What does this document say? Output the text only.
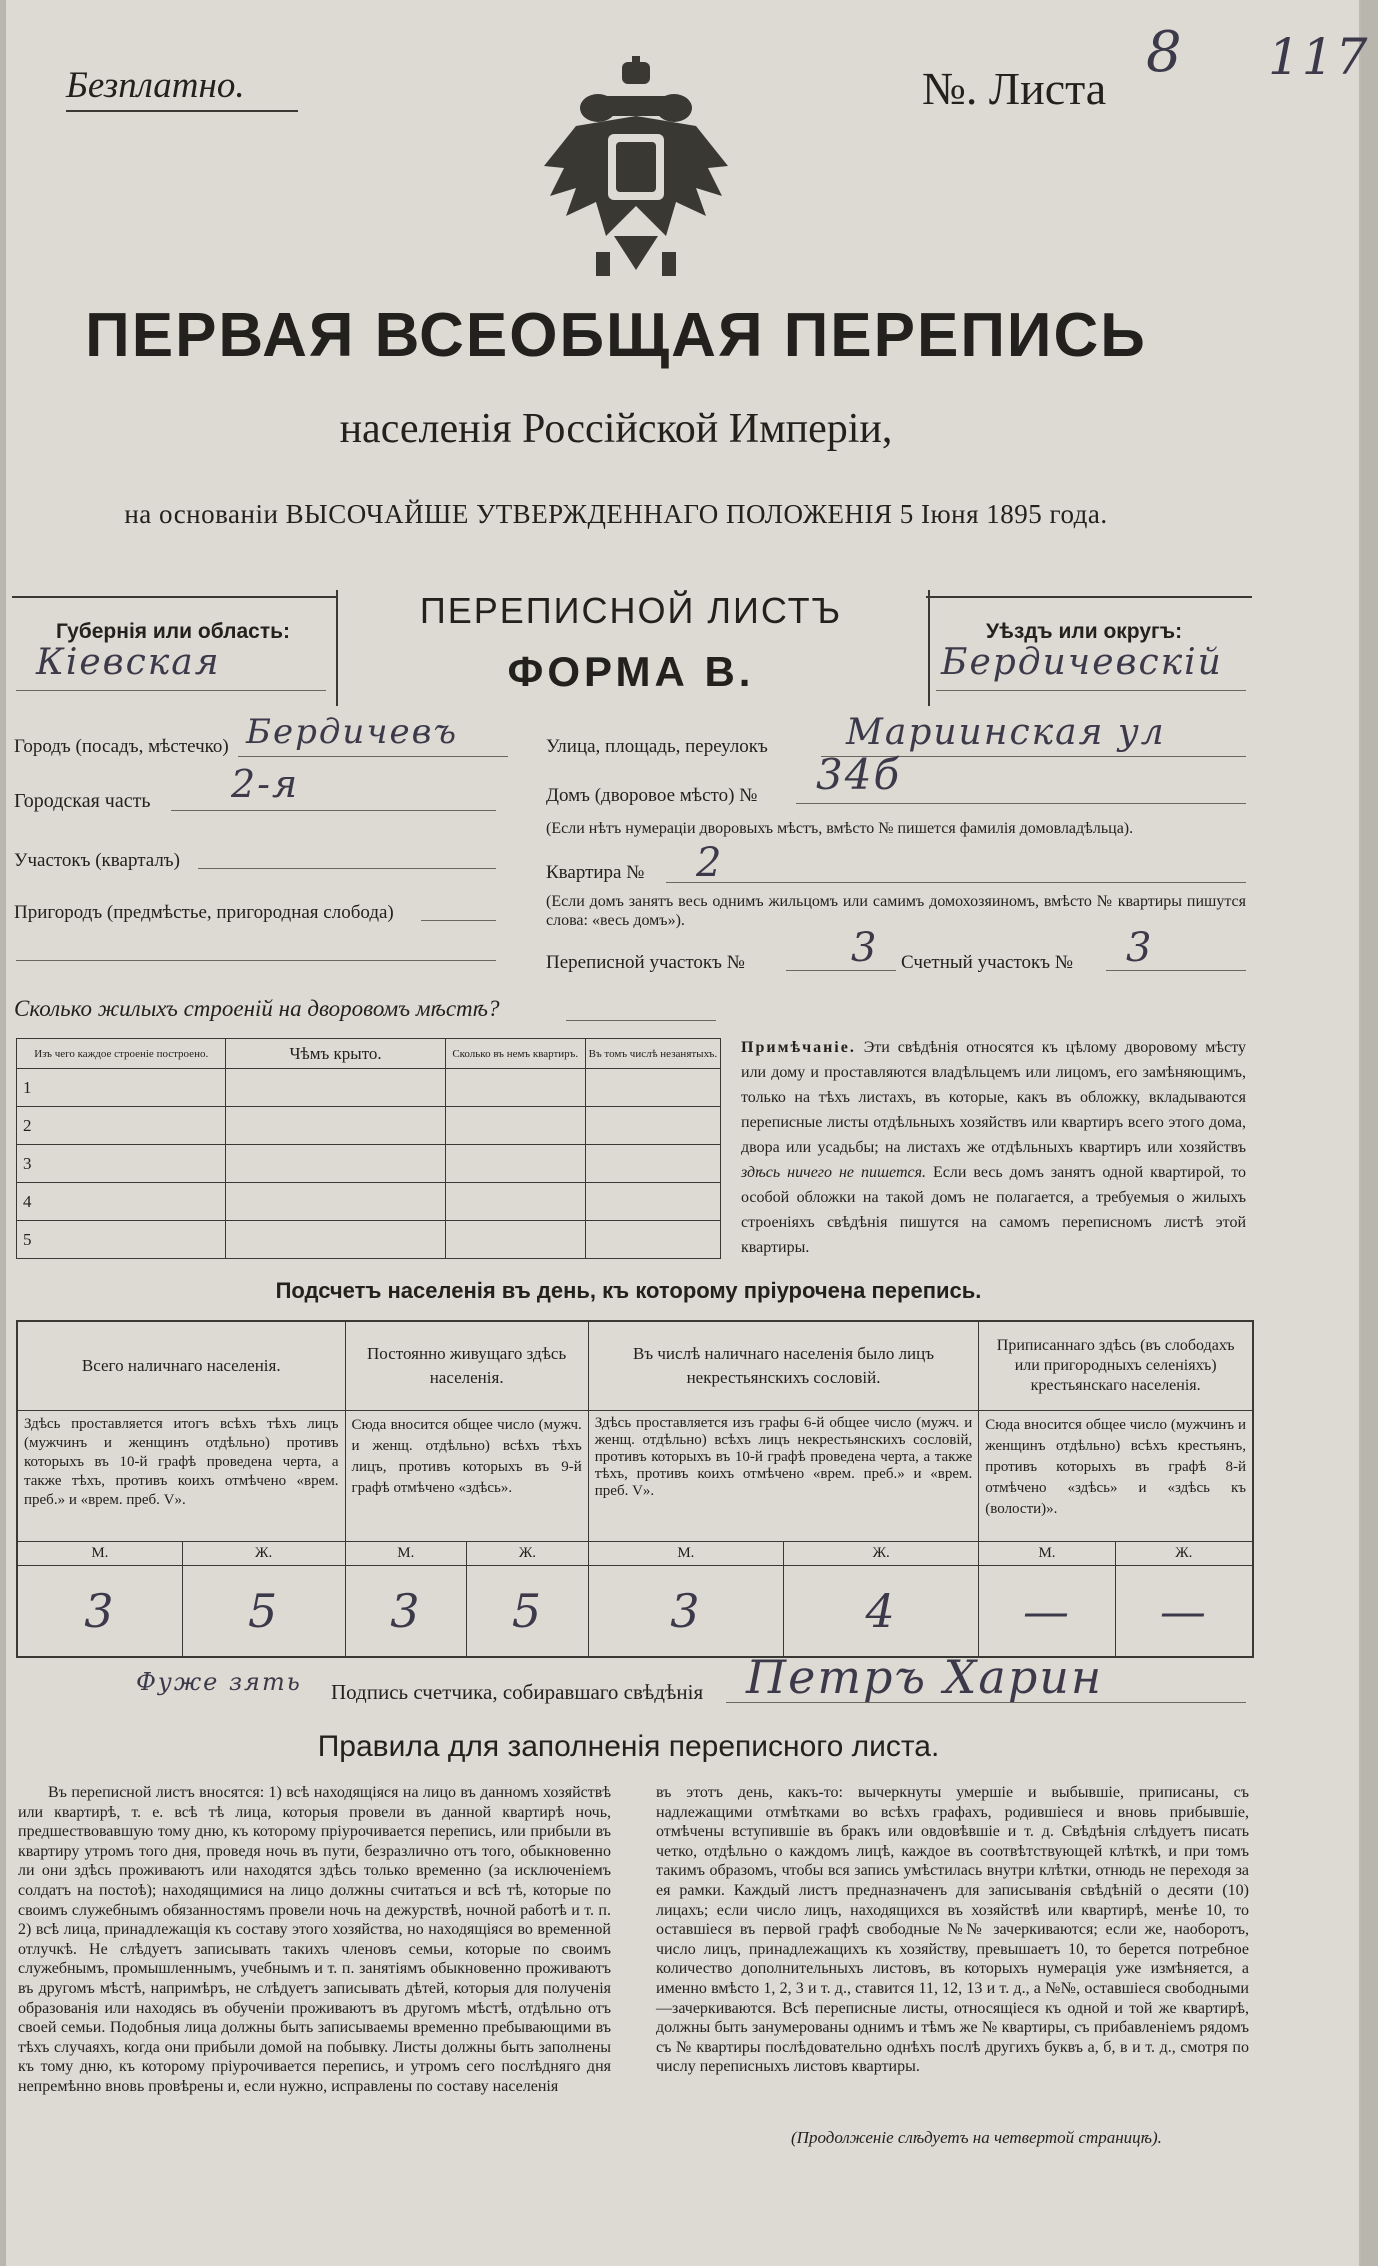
Безплатно.	№. Листа
8 117
ПЕРВАЯ ВСЕОБЩАЯ ПЕРЕПИСЬ
населенія Россійской Имперіи,
на основаніи ВЫСОЧАЙШЕ УТВЕРЖДЕННАГО ПОЛОЖЕНІЯ 5 Іюня 1895 года.
ПЕРЕПИСНОЙ ЛИСТЪ
ФОРМА В.
Губернія или область:
Кіевская
Уѣздъ или округъ:
Бердичевскій
Городъ (посадъ, мѣстечко) Бердичевъ
Городская часть 2-я
Участокъ (кварталъ)
Пригородъ (предмѣстье, пригородная слобода)
Улица, площадь, переулокъ Мариинская ул
Домъ (дворовое мѣсто) № 34б
(Если нѣтъ нумераціи дворовыхъ мѣстъ, вмѣсто № пишется фамилія домовладѣльца).
Квартира № 2
(Если домъ занятъ весь однимъ жильцомъ или самимъ домохозяиномъ, вмѣсто № квартиры пишутся слова: «весь домъ»).
Переписной участокъ №	3 Счетный участокъ № 3
Сколько жилыхъ строеній на дворовомъ мѣстѣ?
Изъ чего каждое строеніе построено.	Чѣмъ крыто.	Сколько въ немъ квартиръ.	Въ томъ числѣ незанятыхъ.
1			
2			
3			
4			
5			
Примѣчаніе. Эти свѣдѣнія относятся къ цѣлому дворовому мѣсту или дому и проставляются владѣльцемъ или лицомъ, его замѣняющимъ, только на тѣхъ листахъ, въ которые, какъ въ обложку, вкладываются переписные листы отдѣльныхъ хозяйствъ или квартиръ всего этого дома, двора или усадьбы; на листахъ же отдѣльныхъ квартиръ или хозяйствъ здѣсь ничего не пишется. Если весь домъ занятъ одной квартирой, то особой обложки на такой домъ не полагается, а требуемыя о жилыхъ строеніяхъ свѣдѣнія пишутся на самомъ переписномъ листѣ этой квартиры.
Подсчетъ населенія въ день, къ которому пріурочена перепись.
Всего наличнаго населенія.		Постоянно живущаго здѣсь населенія.		Въ числѣ наличнаго населенія было лицъ некрестьянскихъ сословій.		Приписаннаго здѣсь (въ слободахъ или пригородныхъ селеніяхъ) крестьянскаго населенія.	
Здѣсь проставляется итогъ всѣхъ тѣхъ лицъ (мужчинъ и женщинъ отдѣльно) противъ которыхъ въ 10-й графѣ проведена черта, а также тѣхъ, противъ коихъ отмѣчено «врем. преб.» и «врем. преб. V».		Сюда вносится общее число (мужч. и женщ. отдѣльно) всѣхъ тѣхъ лицъ, противъ которыхъ въ 9-й графѣ отмѣчено «здѣсь».		Здѣсь проставляется изъ графы 6-й общее число (мужч. и женщ. отдѣльно) всѣхъ лицъ некрестьянскихъ сословій, противъ которыхъ въ 10-й графѣ проведена черта, а также тѣхъ, противъ коихъ отмѣчено «врем. преб.» и «врем. преб. V».		Сюда вносится общее число (мужчинъ и женщинъ отдѣльно) всѣхъ крестьянъ, противъ которыхъ въ графѣ 8-й отмѣчено «здѣсь» и «здѣсь къ (волости)».	
М.	Ж.	М.	Ж.	М.	Ж.	М.	Ж.
3	5	3	5	3	4	—	—
Фуже зять Подпись счетчика, собиравшаго свѣдѣнія Петръ Харин
Правила для заполненія переписного листа.

Въ переписной листъ вносятся: 1) всѣ находящіяся на лицо въ данномъ хозяйствѣ или квартирѣ, т. е. всѣ тѣ лица, которыя провели въ данной квартирѣ ночь, предшествовавшую тому дню, къ которому пріурочивается перепись, или прибыли въ квартиру утромъ того дня, проведя ночь въ пути, безразлично отъ того, обыкновенно ли они здѣсь проживаютъ или находятся здѣсь только временно (за исключеніемъ солдатъ на постоѣ); находящимися на лицо должны считаться и всѣ тѣ, которые по своимъ служебнымъ обязанностямъ провели ночь на дежурствѣ, ночной работѣ и т. п. 2) всѣ лица, принадлежащія къ составу этого хозяйства, но находящіяся во временной отлучкѣ. Не слѣдуетъ записывать такихъ членовъ семьи, которые по своимъ служебнымъ, промышленнымъ, учебнымъ и т. п. занятіямъ обыкновенно проживаютъ въ другомъ мѣстѣ, напримѣръ, не слѣдуетъ записывать дѣтей, которыя для полученія образованія или находясь въ обученіи проживаютъ въ другомъ мѣстѣ, отдѣльно отъ своей семьи. Подобныя лица должны быть записываемы временно пребывающими въ тѣхъ случаяхъ, когда они прибыли домой на побывку. Листы должны быть заполнены къ тому дню, къ которому пріурочивается перепись, и утромъ сего послѣдняго дня непремѣнно вновь провѣрены и, если нужно, исправлены по составу населенія

въ этотъ день, какъ-то: вычеркнуты умершіе и выбывшіе, приписаны, съ надлежащими отмѣтками во всѣхъ графахъ, родившіеся и вновь прибывшіе, отмѣчены вступившіе въ бракъ или овдовѣвшіе и т. д. Свѣдѣнія слѣдуетъ писать четко, отдѣльно о каждомъ лицѣ, каждое въ соотвѣтствующей клѣткѣ, и при томъ такимъ образомъ, чтобы вся запись умѣстилась внутри клѣтки, отнюдь не переходя за ея рамки. Каждый листъ предназначенъ для записыванія свѣдѣній о десяти (10) лицахъ; если число лицъ, находящихся въ хозяйствѣ или квартирѣ, менѣе 10, то оставшіеся въ первой графѣ свободные №№ зачеркиваются; если же, наоборотъ, число лицъ, принадлежащихъ къ хозяйству, превышаетъ 10, то берется потребное количество дополнительныхъ листовъ, въ которыхъ нумерація уже измѣняется, а именно вмѣсто 1, 2, 3 и т. д., ставится 11, 12, 13 и т. д., а №№, оставшіеся свободными—зачеркиваются. Всѣ переписные листы, относящіеся къ одной и той же квартирѣ, должны быть занумерованы однимъ и тѣмъ же № квартиры, съ прибавленіемъ рядомъ съ № квартиры послѣдовательно однѣхъ послѣ другихъ буквъ а, б, в и т. д., смотря по числу переписныхъ листовъ квартиры.

(Продолженіе слѣдуетъ на четвертой страницѣ).
